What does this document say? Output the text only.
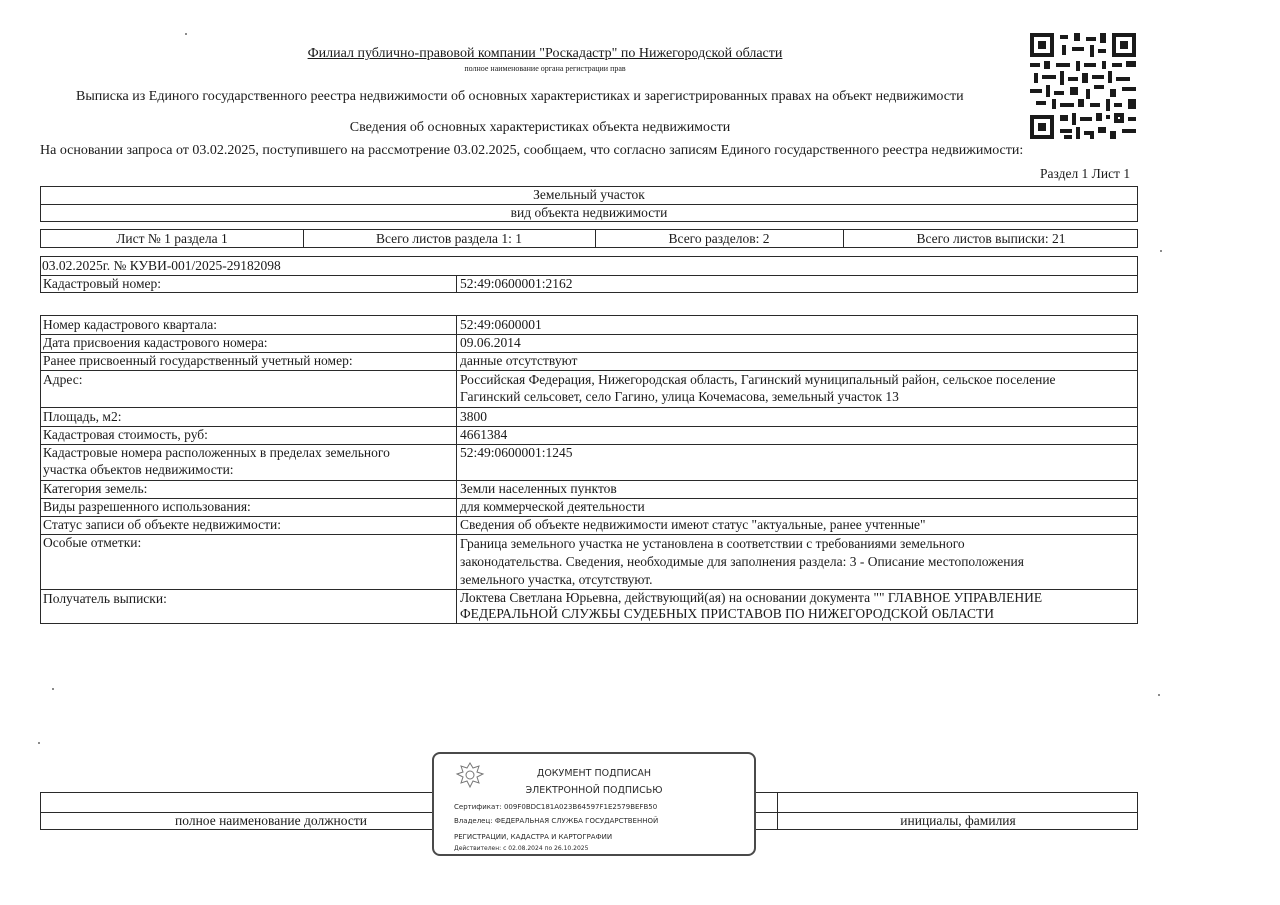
Филиал публично-правовой компании "Роскадастр" по Нижегородской области
полное наименование органа регистрации прав
Выписка из Единого государственного реестра недвижимости об основных характеристиках и зарегистрированных правах на объект недвижимости
Сведения об основных характеристиках объекта недвижимости
На основании запроса от 03.02.2025, поступившего на рассмотрение 03.02.2025, сообщаем, что согласно записям Единого государственного реестра недвижимости:
Раздел 1 Лист 1
Земельный участок
вид объекта недвижимости
Лист № 1 раздела 1	Всего листов раздела 1: 1	Всего разделов: 2	Всего листов выписки: 21
03.02.2025г. № КУВИ-001/2025-29182098
Кадастровый номер:	52:49:0600001:2162
Номер кадастрового квартала:	52:49:0600001
Дата присвоения кадастрового номера:	09.06.2014
Ранее присвоенный государственный учетный номер:	данные отсутствуют
Адрес:	Российская Федерация, Нижегородская область, Гагинский муниципальный район, сельское поселение
Гагинский сельсовет, село Гагино, улица Кочемасова, земельный участок 13
Площадь, м2:	3800
Кадастровая стоимость, руб:	4661384
Кадастровые номера расположенных в пределах земельного
участка объектов недвижимости:
52:49:0600001:1245
Категория земель:	Земли населенных пунктов
Виды разрешенного использования:	для коммерческой деятельности
Статус записи об объекте недвижимости:	Сведения об объекте недвижимости имеют статус "актуальные, ранее учтенные"
Особые отметки:	Граница земельного участка не установлена в соответствии с требованиями земельного
законодательства. Сведения, необходимые для заполнения раздела: 3 - Описание местоположения
земельного участка, отсутствуют.
Получатель выписки:	Локтева Светлана Юрьевна, действующий(ая) на основании документа "" ГЛАВНОЕ УПРАВЛЕНИЕ
ФЕДЕРАЛЬНОЙ СЛУЖБЫ СУДЕБНЫХ ПРИСТАВОВ ПО НИЖЕГОРОДСКОЙ ОБЛАСТИ
полное наименование должности	инициалы, фамилия
ДОКУМЕНТ ПОДПИСАН
ЭЛЕКТРОННОЙ ПОДПИСЬЮ
Сертификат: 009F0BDC181A023B64597F1E2579BEFB50
Владелец: ФЕДЕРАЛЬНАЯ СЛУЖБА ГОСУДАРСТВЕННОЙ
РЕГИСТРАЦИИ, КАДАСТРА И КАРТОГРАФИИ
Действителен: с 02.08.2024 по 26.10.2025
